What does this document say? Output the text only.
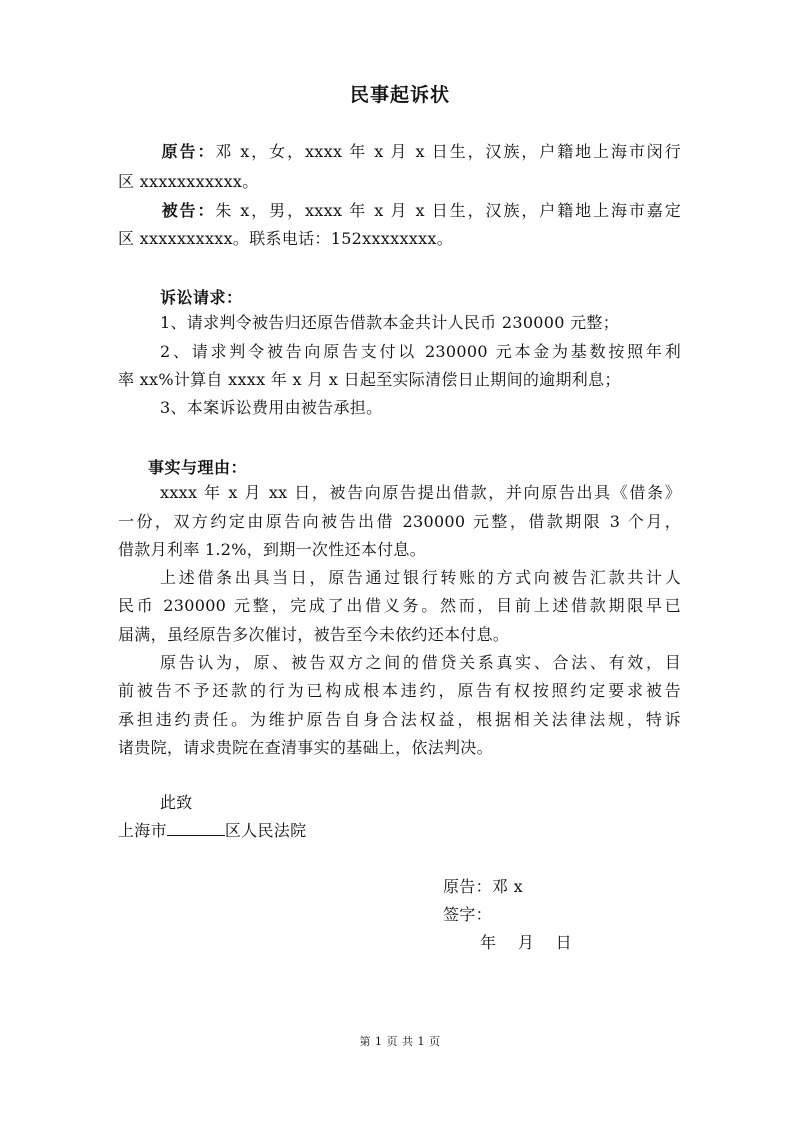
民事起诉状
原告：邓 x，女，xxxx 年 x 月 x 日生，汉族，户籍地上海市闵行
区 xxxxxxxxxxx。
被告：朱 x，男，xxxx 年 x 月 x 日生，汉族，户籍地上海市嘉定
区 xxxxxxxxxx。联系电话：152xxxxxxxx。
诉讼请求：
1、请求判令被告归还原告借款本金共计人民币 230000 元整；
2、请求判令被告向原告支付以 230000 元本金为基数按照年利
率 xx%计算自 xxxx 年 x 月 x 日起至实际清偿日止期间的逾期利息；
3、本案诉讼费用由被告承担。
事实与理由：
xxxx 年 x 月 xx 日，被告向原告提出借款，并向原告出具《借条》
一份，双方约定由原告向被告出借 230000 元整，借款期限 3 个月，
借款月利率 1.2%，到期一次性还本付息。
上述借条出具当日，原告通过银行转账的方式向被告汇款共计人
民币 230000 元整，完成了出借义务。然而，目前上述借款期限早已
届满，虽经原告多次催讨，被告至今未依约还本付息。
原告认为，原、被告双方之间的借贷关系真实、合法、有效，目
前被告不予还款的行为已构成根本违约，原告有权按照约定要求被告
承担违约责任。为维护原告自身合法权益，根据相关法律法规，特诉
诸贵院，请求贵院在查清事实的基础上，依法判决。
此致
上海市	区人民法院
原告：邓 x
签字：
年    月    日
第 1 页 共 1 页
